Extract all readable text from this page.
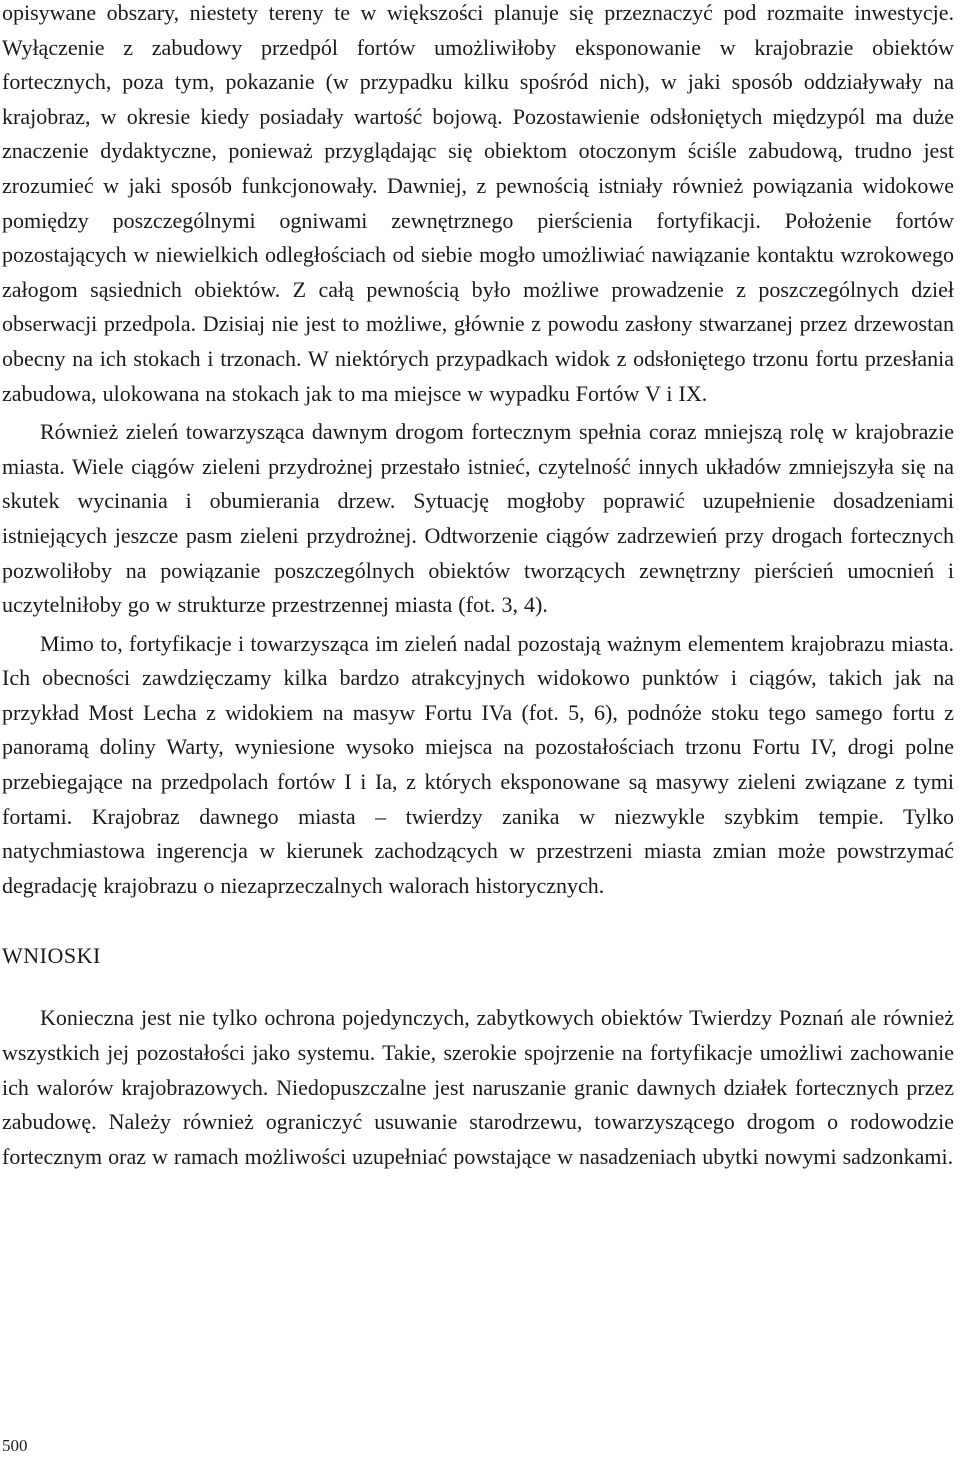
opisywane obszary, niestety tereny te w większości planuje się przeznaczyć pod rozmaite inwestycje. Wyłączenie z zabudowy przedpól fortów umożliwiłoby eksponowanie w krajobrazie obiektów fortecznych, poza tym, pokazanie (w przypadku kilku spośród nich), w jaki sposób oddziaływały na krajobraz, w okresie kiedy posiadały wartość bojową. Pozostawienie odsłoniętych międzypól ma duże znaczenie dydaktyczne, ponieważ przyglądając się obiektom otoczonym ściśle zabudową, trudno jest zrozumieć w jaki sposób funkcjonowały. Dawniej, z pewnością istniały również powiązania widokowe pomiędzy poszczególnymi ogniwami zewnętrznego pierścienia fortyfikacji. Położenie fortów pozostających w niewielkich odległościach od siebie mogło umożliwiać nawiązanie kontaktu wzrokowego załogom sąsiednich obiektów. Z całą pewnością było możliwe prowadzenie z poszczególnych dzieł obserwacji przedpola. Dzisiaj nie jest to możliwe, głównie z powodu zasłony stwarzanej przez drzewostan obecny na ich stokach i trzonach. W niektórych przypadkach widok z odsłoniętego trzonu fortu przesłania zabudowa, ulokowana na stokach jak to ma miejsce w wypadku Fortów V i IX.

Również zieleń towarzysząca dawnym drogom fortecznym spełnia coraz mniejszą rolę w krajobrazie miasta. Wiele ciągów zieleni przydrożnej przestało istnieć, czytelność innych układów zmniejszyła się na skutek wycinania i obumierania drzew. Sytuację mogłoby poprawić uzupełnienie dosadzeniami istniejących jeszcze pasm zieleni przydrożnej. Odtworzenie ciągów zadrzewień przy drogach fortecznych pozwoliłoby na powiązanie poszczególnych obiektów tworzących zewnętrzny pierścień umocnień i uczytelniłoby go w strukturze przestrzennej miasta (fot. 3, 4).

Mimo to, fortyfikacje i towarzysząca im zieleń nadal pozostają ważnym elementem krajobrazu miasta. Ich obecności zawdzięczamy kilka bardzo atrakcyjnych widokowo punktów i ciągów, takich jak na przykład Most Lecha z widokiem na masyw Fortu IVa (fot. 5, 6), podnóże stoku tego samego fortu z panoramą doliny Warty, wyniesione wysoko miejsca na pozostałościach trzonu Fortu IV, drogi polne przebiegające na przedpolach fortów I i Ia, z których eksponowane są masywy zieleni związane z tymi fortami. Krajobraz dawnego miasta – twierdzy zanika w niezwykle szybkim tempie. Tylko natychmiastowa ingerencja w kierunek zachodzących w przestrzeni miasta zmian może powstrzymać degradację krajobrazu o niezaprzeczalnych walorach historycznych.

WNIOSKI

Konieczna jest nie tylko ochrona pojedynczych, zabytkowych obiektów Twierdzy Poznań ale również wszystkich jej pozostałości jako systemu. Takie, szerokie spojrzenie na fortyfikacje umożliwi zachowanie ich walorów krajobrazowych. Niedopuszczalne jest naruszanie granic dawnych działek fortecznych przez zabudowę. Należy również ograniczyć usuwanie starodrzewu, towarzyszącego drogom o rodowodzie fortecznym oraz w ramach możliwości uzupełniać powstające w nasadzeniach ubytki nowymi sadzonkami.

500
